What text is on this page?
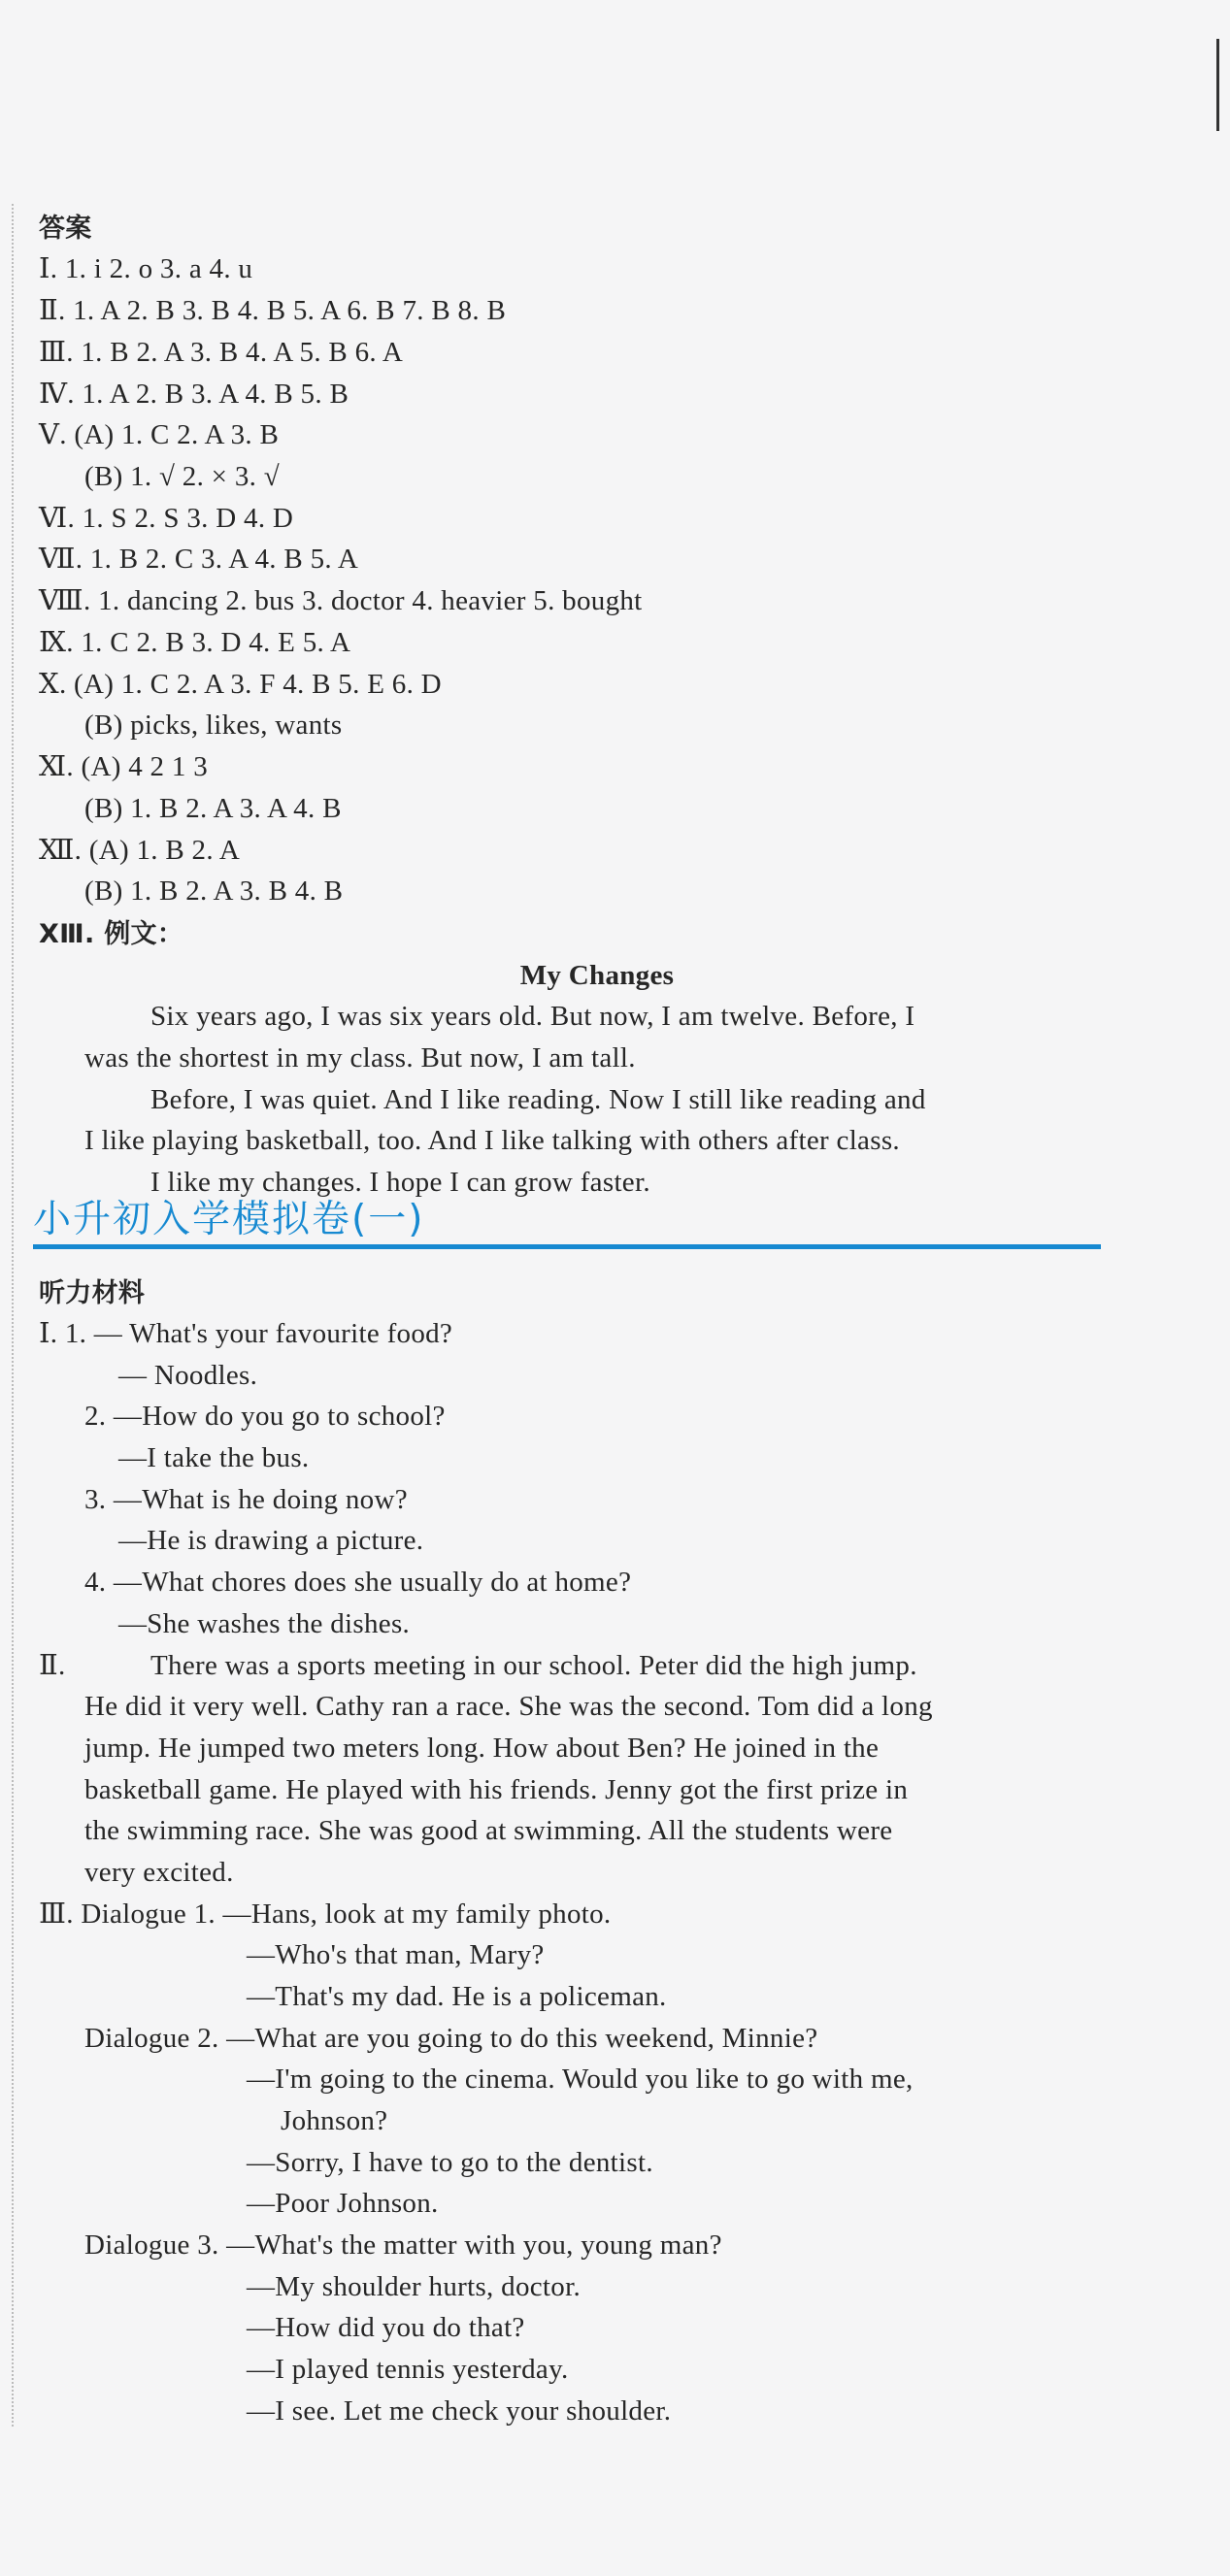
答案
Ⅰ. 1. i 2. o 3. a 4. u
Ⅱ. 1. A 2. B 3. B 4. B 5. A 6. B 7. B 8. B
Ⅲ. 1. B 2. A 3. B 4. A 5. B 6. A
Ⅳ. 1. A 2. B 3. A 4. B 5. B
Ⅴ. (A) 1. C 2. A 3. B
(B) 1. √ 2. × 3. √
Ⅵ. 1. S 2. S 3. D 4. D
Ⅶ. 1. B 2. C 3. A 4. B 5. A
Ⅷ. 1. dancing 2. bus 3. doctor 4. heavier 5. bought
Ⅸ. 1. C 2. B 3. D 4. E 5. A
Ⅹ. (A) 1. C 2. A 3. F 4. B 5. E 6. D
(B) picks, likes, wants
Ⅺ. (A) 4 2 1 3
(B) 1. B 2. A 3. A 4. B
Ⅻ. (A) 1. B 2. A
(B) 1. B 2. A 3. B 4. B
ⅩⅢ. 例文：
My Changes
Six years ago, I was six years old. But now, I am twelve. Before, I
was the shortest in my class. But now, I am tall.
Before, I was quiet. And I like reading. Now I still like reading and
I like playing basketball, too. And I like talking with others after class.
I like my changes. I hope I can grow faster.
小升初入学模拟卷(一)
听力材料
Ⅰ. 1. — What's your favourite food?
— Noodles.
2. —How do you go to school?
—I take the bus.
3. —What is he doing now?
—He is drawing a picture.
4. —What chores does she usually do at home?
—She washes the dishes.
Ⅱ.	There was a sports meeting in our school. Peter did the high jump.
He did it very well. Cathy ran a race. She was the second. Tom did a long
jump. He jumped two meters long. How about Ben? He joined in the
basketball game. He played with his friends. Jenny got the first prize in
the swimming race. She was good at swimming. All the students were
very excited.
Ⅲ. Dialogue 1. —Hans, look at my family photo.
—Who's that man, Mary?
—That's my dad. He is a policeman.
Dialogue 2. —What are you going to do this weekend, Minnie?
—I'm going to the cinema. Would you like to go with me,
Johnson?
—Sorry, I have to go to the dentist.
—Poor Johnson.
Dialogue 3. —What's the matter with you, young man?
—My shoulder hurts, doctor.
—How did you do that?
—I played tennis yesterday.
—I see. Let me check your shoulder.
